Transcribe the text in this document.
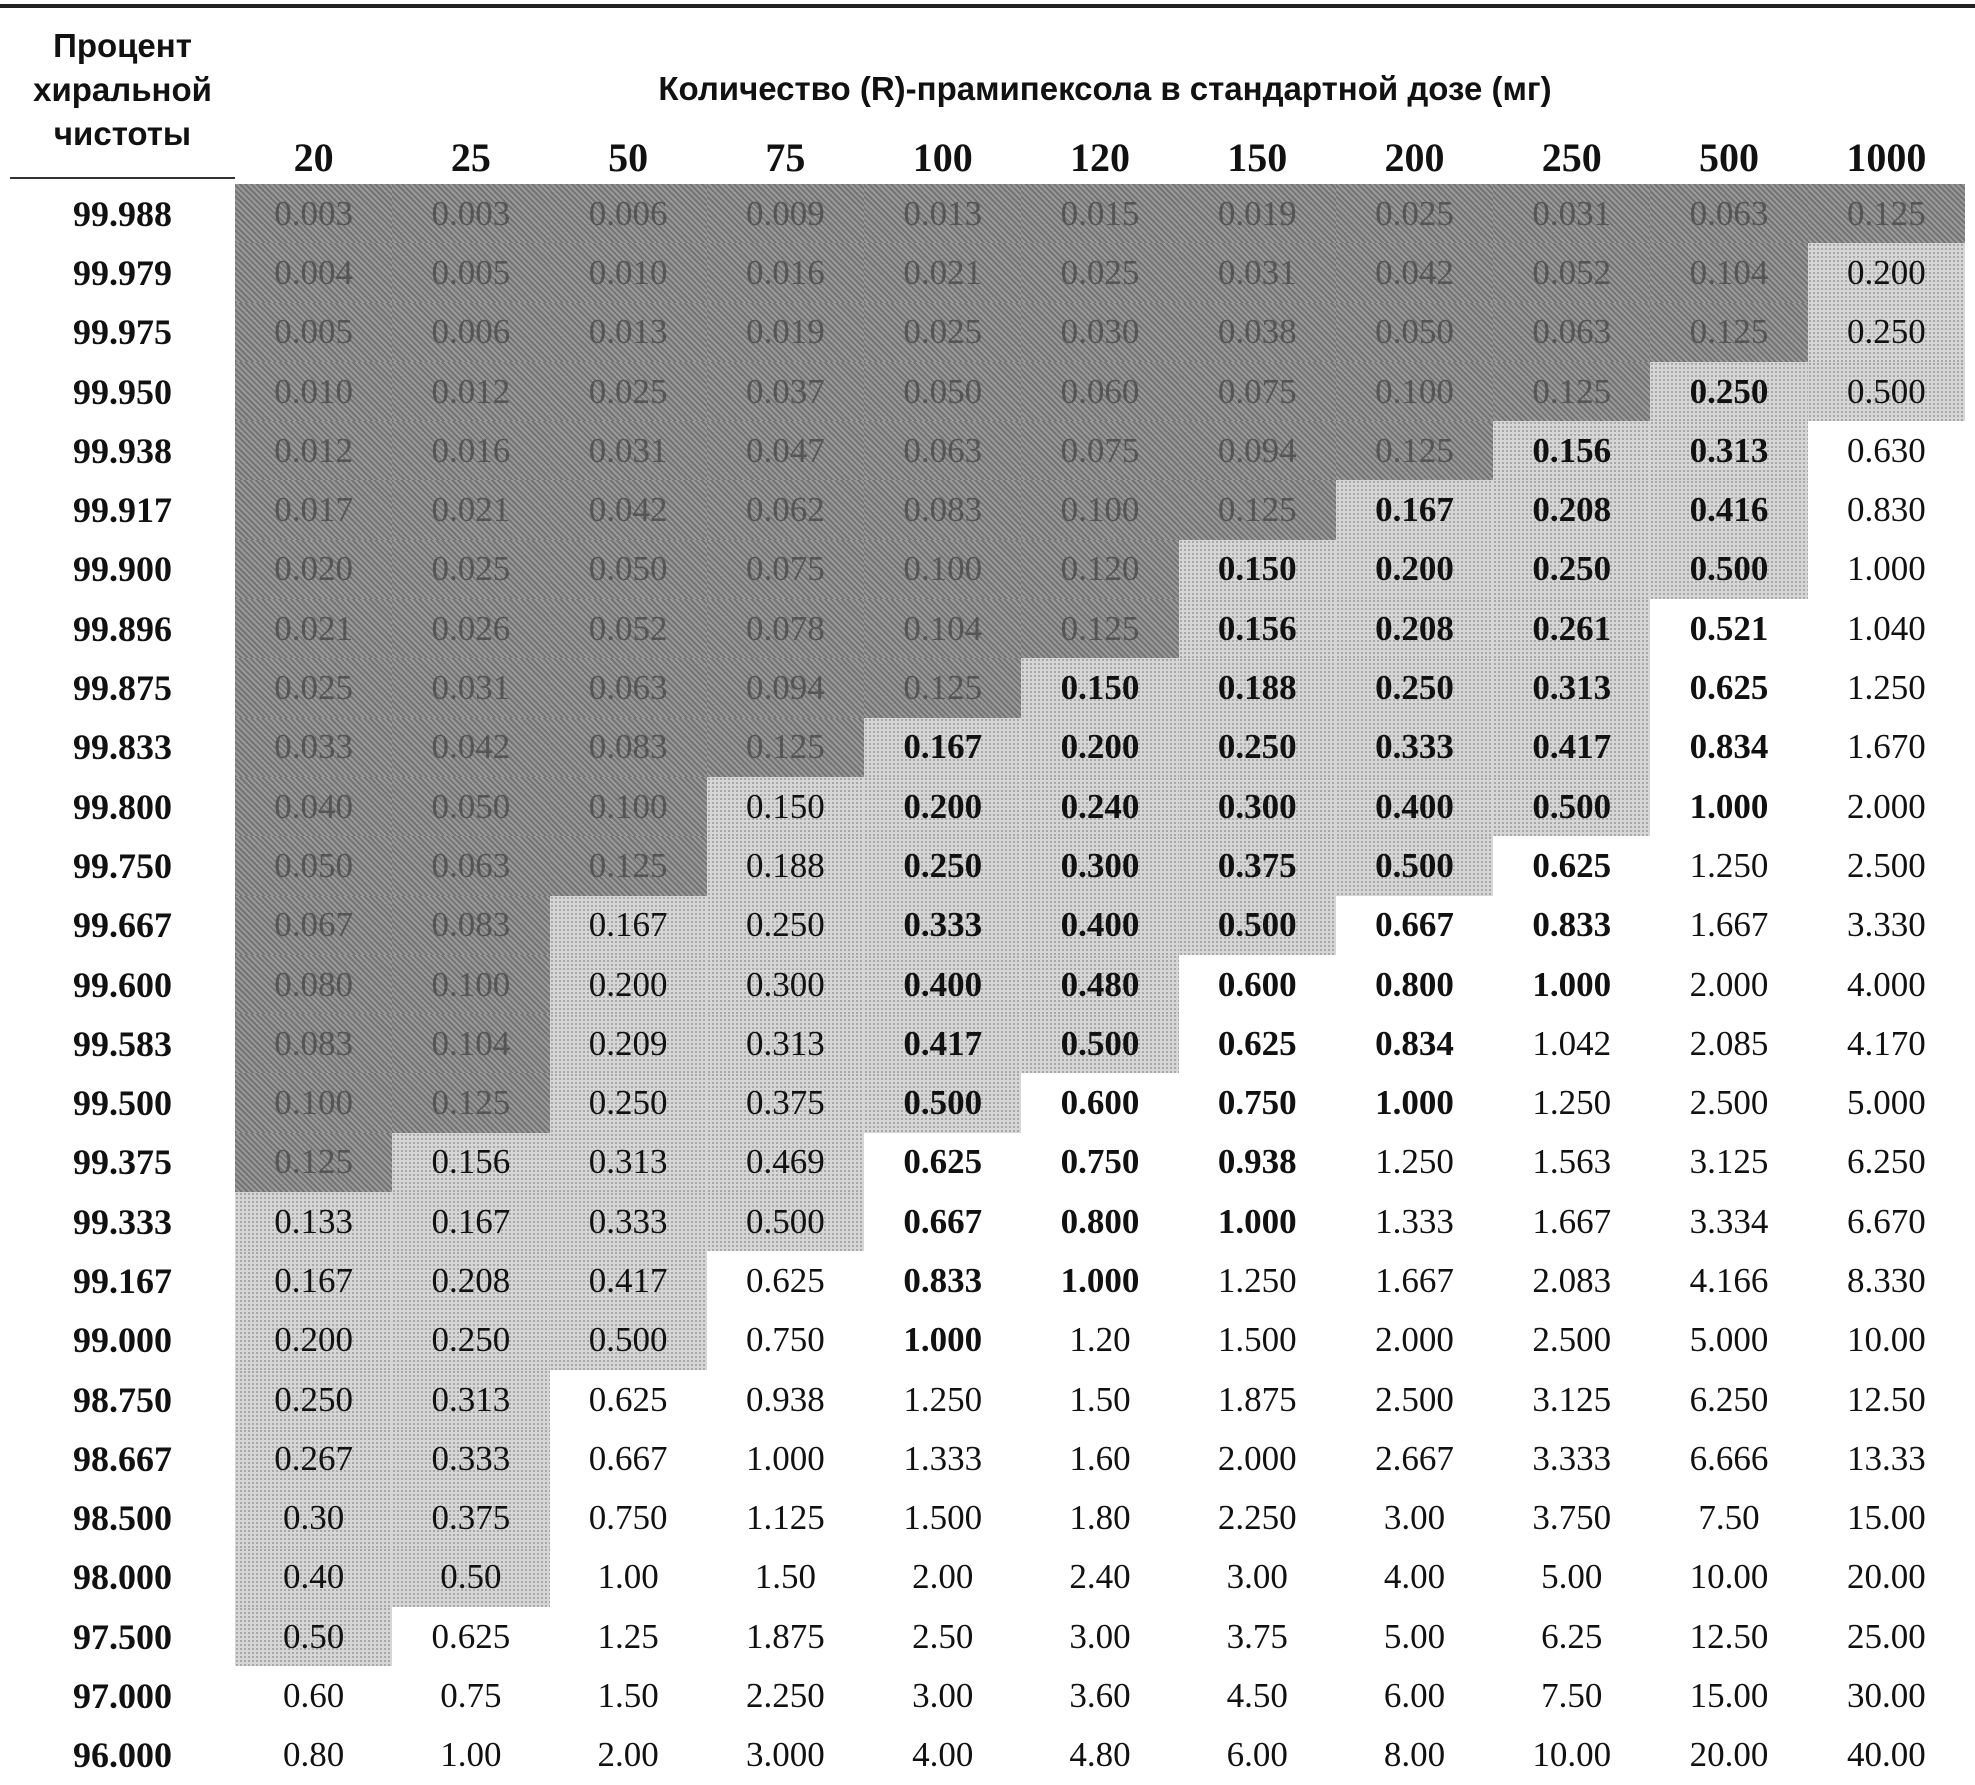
Процент
хиральной
чистоты
Количество (R)-прамипексола в стандартной дозе (мг)
	20	25	50	75	100	120	150	200	250	500	1000
99.988	0.003	0.003	0.006	0.009	0.013	0.015	0.019	0.025	0.031	0.063	0.125
99.979	0.004	0.005	0.010	0.016	0.021	0.025	0.031	0.042	0.052	0.104	0.200
99.975	0.005	0.006	0.013	0.019	0.025	0.030	0.038	0.050	0.063	0.125	0.250
99.950	0.010	0.012	0.025	0.037	0.050	0.060	0.075	0.100	0.125	0.250	0.500
99.938	0.012	0.016	0.031	0.047	0.063	0.075	0.094	0.125	0.156	0.313	0.630
99.917	0.017	0.021	0.042	0.062	0.083	0.100	0.125	0.167	0.208	0.416	0.830
99.900	0.020	0.025	0.050	0.075	0.100	0.120	0.150	0.200	0.250	0.500	1.000
99.896	0.021	0.026	0.052	0.078	0.104	0.125	0.156	0.208	0.261	0.521	1.040
99.875	0.025	0.031	0.063	0.094	0.125	0.150	0.188	0.250	0.313	0.625	1.250
99.833	0.033	0.042	0.083	0.125	0.167	0.200	0.250	0.333	0.417	0.834	1.670
99.800	0.040	0.050	0.100	0.150	0.200	0.240	0.300	0.400	0.500	1.000	2.000
99.750	0.050	0.063	0.125	0.188	0.250	0.300	0.375	0.500	0.625	1.250	2.500
99.667	0.067	0.083	0.167	0.250	0.333	0.400	0.500	0.667	0.833	1.667	3.330
99.600	0.080	0.100	0.200	0.300	0.400	0.480	0.600	0.800	1.000	2.000	4.000
99.583	0.083	0.104	0.209	0.313	0.417	0.500	0.625	0.834	1.042	2.085	4.170
99.500	0.100	0.125	0.250	0.375	0.500	0.600	0.750	1.000	1.250	2.500	5.000
99.375	0.125	0.156	0.313	0.469	0.625	0.750	0.938	1.250	1.563	3.125	6.250
99.333	0.133	0.167	0.333	0.500	0.667	0.800	1.000	1.333	1.667	3.334	6.670
99.167	0.167	0.208	0.417	0.625	0.833	1.000	1.250	1.667	2.083	4.166	8.330
99.000	0.200	0.250	0.500	0.750	1.000	1.20	1.500	2.000	2.500	5.000	10.00
98.750	0.250	0.313	0.625	0.938	1.250	1.50	1.875	2.500	3.125	6.250	12.50
98.667	0.267	0.333	0.667	1.000	1.333	1.60	2.000	2.667	3.333	6.666	13.33
98.500	0.30	0.375	0.750	1.125	1.500	1.80	2.250	3.00	3.750	7.50	15.00
98.000	0.40	0.50	1.00	1.50	2.00	2.40	3.00	4.00	5.00	10.00	20.00
97.500	0.50	0.625	1.25	1.875	2.50	3.00	3.75	5.00	6.25	12.50	25.00
97.000	0.60	0.75	1.50	2.250	3.00	3.60	4.50	6.00	7.50	15.00	30.00
96.000	0.80	1.00	2.00	3.000	4.00	4.80	6.00	8.00	10.00	20.00	40.00
